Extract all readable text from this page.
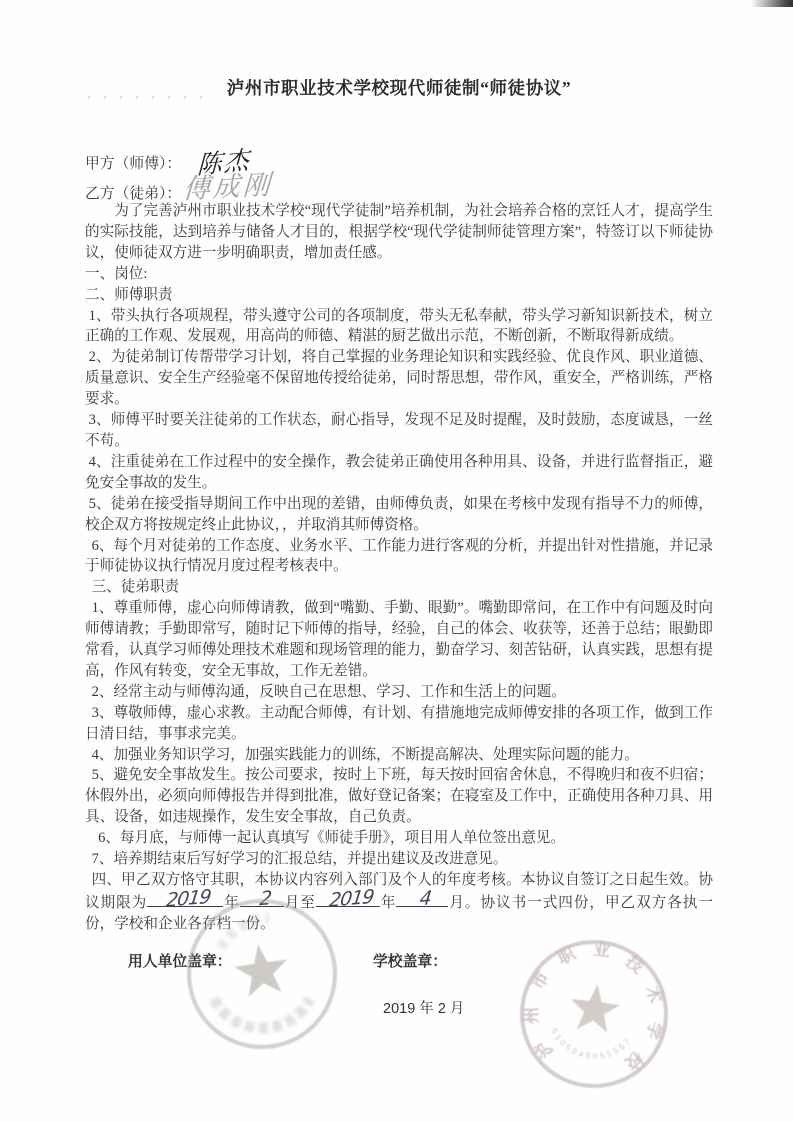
泸州市职业技术学校现代师徒制“师徒协议”
甲方（师傅）： 陈杰
乙方（徒弟）：傅成刚

为了完善泸州市职业技术学校“现代学徒制”培养机制，为社会培养合格的烹饪人才，提高学生的实际技能，达到培养与储备人才目的，根据学校“现代学徒制师徒管理方案”，特签订以下师徒协议，使师徒双方进一步明确职责，增加责任感。

一、岗位:

二、师傅职责

1、带头执行各项规程，带头遵守公司的各项制度，带头无私奉献，带头学习新知识新技术，树立正确的工作观、发展观，用高尚的师德、精湛的厨艺做出示范，不断创新，不断取得新成绩。

2、为徒弟制订传帮带学习计划，将自己掌握的业务理论知识和实践经验、优良作风、职业道德、质量意识、安全生产经验毫不保留地传授给徒弟，同时帮思想，带作风，重安全，严格训练，严格要求。

3、师傅平时要关注徒弟的工作状态，耐心指导，发现不足及时提醒，及时鼓励，态度诚恳，一丝不苟。

4、注重徒弟在工作过程中的安全操作，教会徒弟正确使用各种用具、设备，并进行监督指正，避免安全事故的发生。

5、徒弟在接受指导期间工作中出现的差错，由师傅负责，如果在考核中发现有指导不力的师傅，校企双方将按规定终止此协议，，并取消其师傅资格。

6、每个月对徒弟的工作态度、业务水平、工作能力进行客观的分析，并提出针对性措施，并记录于师徒协议执行情况月度过程考核表中。

三、徒弟职责

1、尊重师傅，虚心向师傅请教，做到“嘴勤、手勤、眼勤”。嘴勤即常问，在工作中有问题及时向师傅请教；手勤即常写，随时记下师傅的指导，经验，自己的体会、收获等，还善于总结；眼勤即常看，认真学习师傅处理技术难题和现场管理的能力，勤奋学习、刻苦钻研，认真实践，思想有提高，作风有转变，安全无事故，工作无差错。

2、经常主动与师傅沟通，反映自己在思想、学习、工作和生活上的问题。

3、尊敬师傅，虚心求教。主动配合师傅，有计划、有措施地完成师傅安排的各项工作，做到工作日清日结，事事求完美。

4、加强业务知识学习，加强实践能力的训练，不断提高解决、处理实际问题的能力。

5、避免安全事故发生。按公司要求，按时上下班，每天按时回宿舍休息，不得晚归和夜不归宿；休假外出，必须向师傅报告并得到批准，做好登记备案；在寝室及工作中，正确使用各种刀具、用具、设备，如违规操作，发生安全事故，自己负责。

6、每月底，与师傅一起认真填写《师徒手册》，项目用人单位签出意见。

7、培养期结束后写好学习的汇报总结，并提出建议及改进意见。

四、甲乙双方恪守其职，本协议内容列入部门及个人的年度考核。本协议自签订之日起生效。协议期限为 2019 年 2 月至 2019 年	4 月。协议书一式四份，甲乙双方各执一份，学校和企业各存档一份。

用人单位盖章：	学校盖章：
2019 年 2 月
泸州市职业技术学校
5105045055567
